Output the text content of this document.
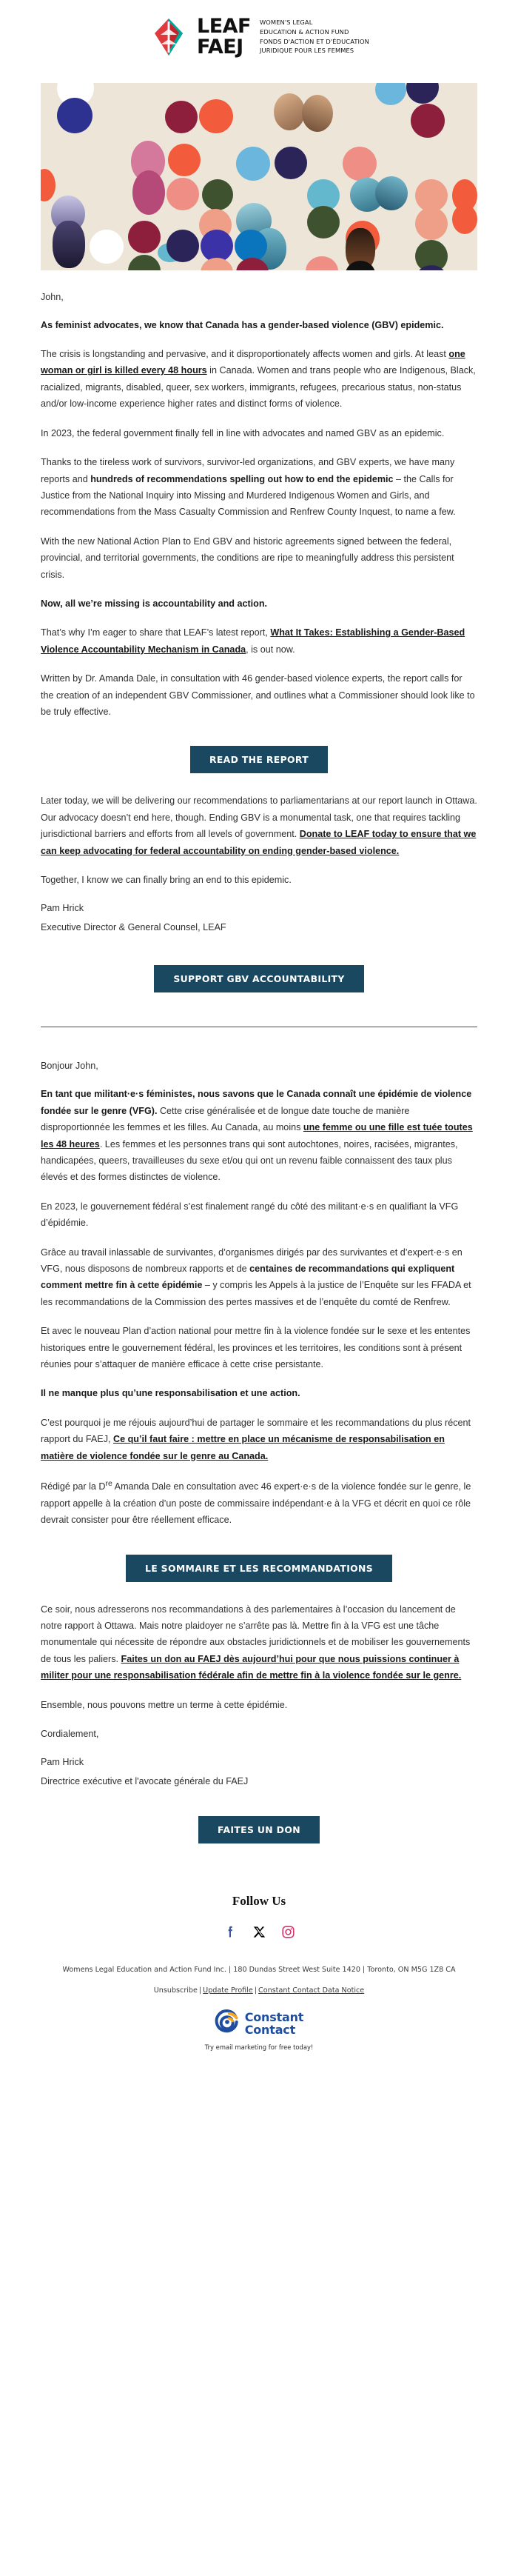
LEAF
FAEJ
WOMEN'S LEGAL
EDUCATION & ACTION FUND
FONDS D'ACTION ET D'ÉDUCATION
JURIDIQUE POUR LES FEMMES

John,

As feminist advocates, we know that Canada has a gender-based violence (GBV) epidemic.

The crisis is longstanding and pervasive, and it disproportionately affects women and girls. At least one woman or girl is killed every 48 hours in Canada. Women and trans people who are Indigenous, Black, racialized, migrants, disabled, queer, sex workers, immigrants, refugees, precarious status, non-status and/or low-income experience higher rates and distinct forms of violence.

In 2023, the federal government finally fell in line with advocates and named GBV as an epidemic.

Thanks to the tireless work of survivors, survivor-led organizations, and GBV experts, we have many reports and hundreds of recommendations spelling out how to end the epidemic – the Calls for Justice from the National Inquiry into Missing and Murdered Indigenous Women and Girls, and recommendations from the Mass Casualty Commission and Renfrew County Inquest, to name a few.

With the new National Action Plan to End GBV and historic agreements signed between the federal, provincial, and territorial governments, the conditions are ripe to meaningfully address this persistent crisis.

Now, all we’re missing is accountability and action.

That’s why I’m eager to share that LEAF’s latest report, What It Takes: Establishing a Gender-Based Violence Accountability Mechanism in Canada, is out now.

Written by Dr. Amanda Dale, in consultation with 46 gender-based violence experts, the report calls for the creation of an independent GBV Commissioner, and outlines what a Commissioner should look like to be truly effective.

READ THE REPORT

Later today, we will be delivering our recommendations to parliamentarians at our report launch in Ottawa. Our advocacy doesn’t end here, though. Ending GBV is a monumental task, one that requires tackling jurisdictional barriers and efforts from all levels of government. Donate to LEAF today to ensure that we can keep advocating for federal accountability on ending gender-based violence.

Together, I know we can finally bring an end to this epidemic.

Pam Hrick

Executive Director & General Counsel, LEAF

SUPPORT GBV ACCOUNTABILITY

Bonjour John,

En tant que militant·e·s féministes, nous savons que le Canada connaît une épidémie de violence fondée sur le genre (VFG). Cette crise généralisée et de longue date touche de manière disproportionnée les femmes et les filles. Au Canada, au moins une femme ou une fille est tuée toutes les 48 heures. Les femmes et les personnes trans qui sont autochtones, noires, racisées, migrantes, handicapées, queers, travailleuses du sexe et/ou qui ont un revenu faible connaissent des taux plus élevés et des formes distinctes de violence.

En 2023, le gouvernement fédéral s’est finalement rangé du côté des militant·e·s en qualifiant la VFG d’épidémie.

Grâce au travail inlassable de survivantes, d’organismes dirigés par des survivantes et d’expert·e·s en VFG, nous disposons de nombreux rapports et de centaines de recommandations qui expliquent comment mettre fin à cette épidémie – y compris les Appels à la justice de l’Enquête sur les FFADA et les recommandations de la Commission des pertes massives et de l’enquête du comté de Renfrew.

Et avec le nouveau Plan d’action national pour mettre fin à la violence fondée sur le sexe et les ententes historiques entre le gouvernement fédéral, les provinces et les territoires, les conditions sont à présent réunies pour s’attaquer de manière efficace à cette crise persistante.

Il ne manque plus qu’une responsabilisation et une action.

C’est pourquoi je me réjouis aujourd’hui de partager le sommaire et les recommandations du plus récent rapport du FAEJ, Ce qu’il faut faire : mettre en place un mécanisme de responsabilisation en matière de violence fondée sur le genre au Canada.

Rédigé par la Dre Amanda Dale en consultation avec 46 expert·e·s de la violence fondée sur le genre, le rapport appelle à la création d’un poste de commissaire indépendant·e à la VFG et décrit en quoi ce rôle devrait consister pour être réellement efficace.

LE SOMMAIRE ET LES RECOMMANDATIONS

Ce soir, nous adresserons nos recommandations à des parlementaires à l’occasion du lancement de notre rapport à Ottawa. Mais notre plaidoyer ne s’arrête pas là. Mettre fin à la VFG est une tâche monumentale qui nécessite de répondre aux obstacles juridictionnels et de mobiliser les gouvernements de tous les paliers. Faites un don au FAEJ dès aujourd’hui pour que nous puissions continuer à militer pour une responsabilisation fédérale afin de mettre fin à la violence fondée sur le genre.

Ensemble, nous pouvons mettre un terme à cette épidémie.

Cordialement,

Pam Hrick

Directrice exécutive et l'avocate générale du FAEJ

FAITES UN DON
Follow Us

Womens Legal Education and Action Fund Inc. | 180 Dundas Street West Suite 1420 | Toronto, ON M5G 1Z8 CA

Unsubscribe | Update Profile | Constant Contact Data Notice

Constant
Contact

Try email marketing for free today!
